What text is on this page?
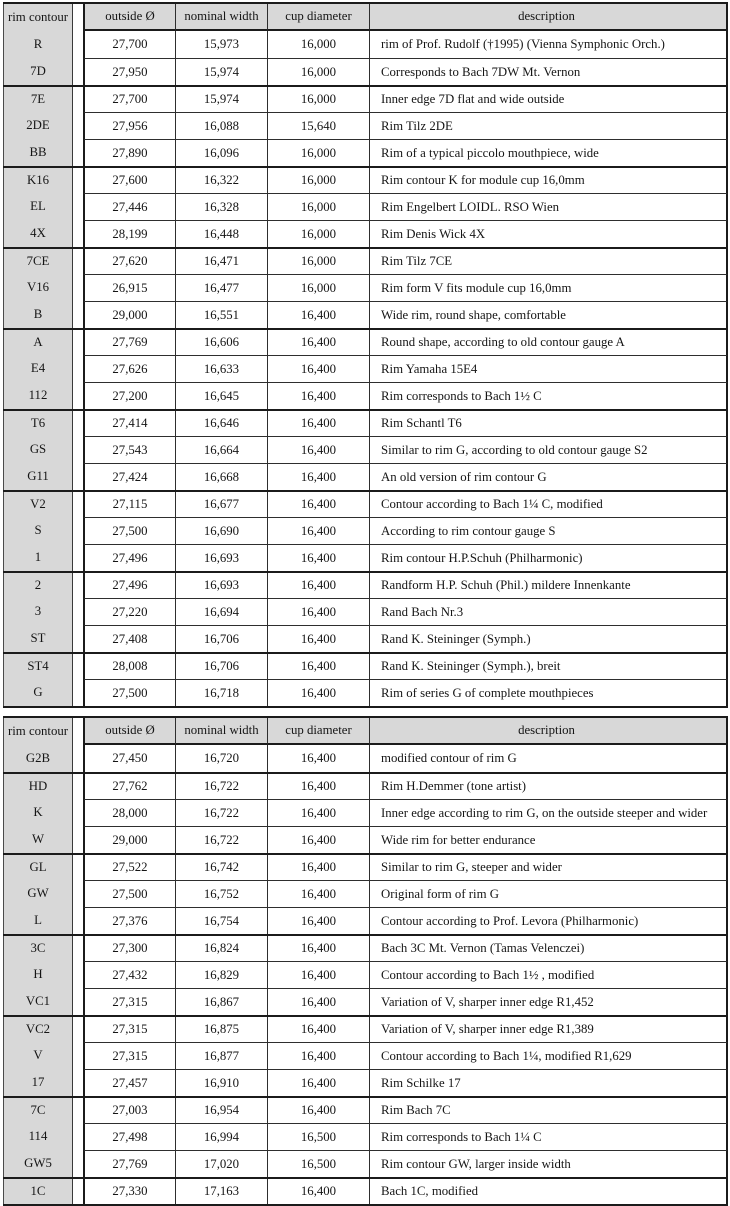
rim contour	outside Ø	nominal width	cup diameter	description
R	27,700	15,973	16,000	rim of Prof. Rudolf (†1995) (Vienna Symphonic Orch.)
7D	27,950	15,974	16,000	Corresponds to Bach 7DW Mt. Vernon
7E	27,700	15,974	16,000	Inner edge 7D flat and wide outside
2DE	27,956	16,088	15,640	Rim Tilz 2DE
BB	27,890	16,096	16,000	Rim of a typical piccolo mouthpiece, wide
K16	27,600	16,322	16,000	Rim contour K for module cup 16,0mm
EL	27,446	16,328	16,000	Rim Engelbert LOIDL. RSO Wien
4X	28,199	16,448	16,000	Rim Denis Wick 4X
7CE	27,620	16,471	16,000	Rim Tilz 7CE
V16	26,915	16,477	16,000	Rim form V fits module cup 16,0mm
B	29,000	16,551	16,400	Wide rim, round shape, comfortable
A	27,769	16,606	16,400	Round shape, according to old contour gauge A
E4	27,626	16,633	16,400	Rim Yamaha 15E4
112	27,200	16,645	16,400	Rim corresponds to Bach 1½ C
T6	27,414	16,646	16,400	Rim Schantl T6
GS	27,543	16,664	16,400	Similar to rim G, according to old contour gauge S2
G11	27,424	16,668	16,400	An old version of rim contour G
V2	27,115	16,677	16,400	Contour according to Bach 1¼ C, modified
S	27,500	16,690	16,400	According to rim contour gauge S
1	27,496	16,693	16,400	Rim contour H.P.Schuh (Philharmonic)
2	27,496	16,693	16,400	Randform H.P. Schuh (Phil.) mildere Innenkante
3	27,220	16,694	16,400	Rand Bach Nr.3
ST	27,408	16,706	16,400	Rand K. Steininger (Symph.)
ST4	28,008	16,706	16,400	Rand K. Steininger (Symph.), breit
G	27,500	16,718	16,400	Rim of series G of complete mouthpieces
rim contour	outside Ø	nominal width	cup diameter	description
G2B	27,450	16,720	16,400	modified contour of rim G
HD	27,762	16,722	16,400	Rim H.Demmer (tone artist)
K	28,000	16,722	16,400	Inner edge according to rim G, on the outside steeper and wider
W	29,000	16,722	16,400	Wide rim for better endurance
GL	27,522	16,742	16,400	Similar to rim G, steeper and wider
GW	27,500	16,752	16,400	Original form of rim G
L	27,376	16,754	16,400	Contour according to Prof. Levora (Philharmonic)
3C	27,300	16,824	16,400	Bach 3C Mt. Vernon (Tamas Velenczei)
H	27,432	16,829	16,400	Contour according to Bach 1½ , modified
VC1	27,315	16,867	16,400	Variation of V, sharper inner edge R1,452
VC2	27,315	16,875	16,400	Variation of V, sharper inner edge R1,389
V	27,315	16,877	16,400	Contour according to Bach 1¼, modified R1,629
17	27,457	16,910	16,400	Rim Schilke 17
7C	27,003	16,954	16,400	Rim Bach 7C
114	27,498	16,994	16,500	Rim corresponds to Bach 1¼ C
GW5	27,769	17,020	16,500	Rim contour GW, larger inside width
1C	27,330	17,163	16,400	Bach 1C, modified
